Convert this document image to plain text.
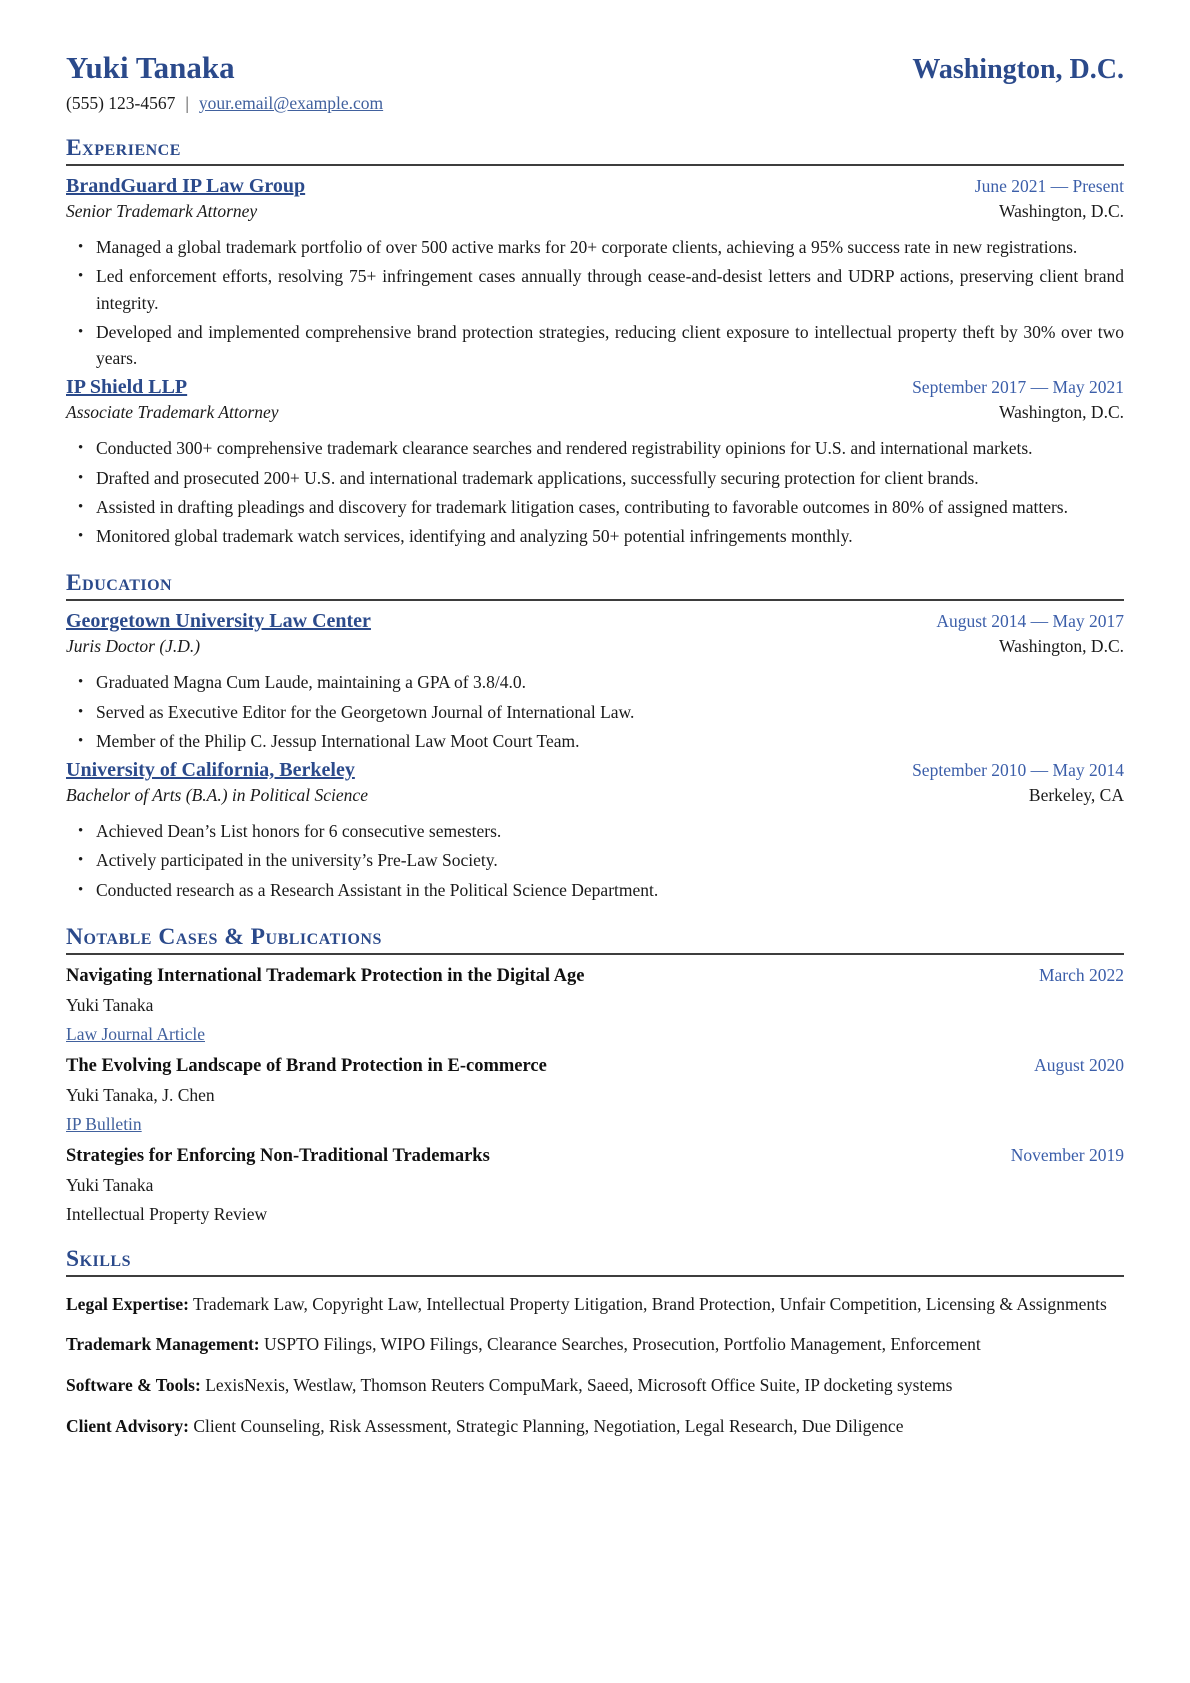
Yuki Tanaka	Washington, D.C.
(555) 123-4567 | your.email@example.com
Experience
BrandGuard IP Law Group	June 2021 — Present
Senior Trademark Attorney	Washington, D.C.
• Managed a global trademark portfolio of over 500 active marks for 20+ corporate clients, achieving a 95% success rate in new registrations.
• Led enforcement efforts, resolving 75+ infringement cases annually through cease-and-desist letters and UDRP actions, preserving client brand integrity.
• Developed and implemented comprehensive brand protection strategies, reducing client exposure to intellectual property theft by 30% over two years.
IP Shield LLP	September 2017 — May 2021
Associate Trademark Attorney	Washington, D.C.
• Conducted 300+ comprehensive trademark clearance searches and rendered registrability opinions for U.S. and international markets.
• Drafted and prosecuted 200+ U.S. and international trademark applications, successfully securing protection for client brands.
• Assisted in drafting pleadings and discovery for trademark litigation cases, contributing to favorable outcomes in 80% of assigned matters.
• Monitored global trademark watch services, identifying and analyzing 50+ potential infringements monthly.
Education
Georgetown University Law Center	August 2014 — May 2017
Juris Doctor (J.D.)	Washington, D.C.
• Graduated Magna Cum Laude, maintaining a GPA of 3.8/4.0.
• Served as Executive Editor for the Georgetown Journal of International Law.
• Member of the Philip C. Jessup International Law Moot Court Team.
University of California, Berkeley	September 2010 — May 2014
Bachelor of Arts (B.A.) in Political Science	Berkeley, CA
• Achieved Dean’s List honors for 6 consecutive semesters.
• Actively participated in the university’s Pre-Law Society.
• Conducted research as a Research Assistant in the Political Science Department.
Notable Cases & Publications
Navigating International Trademark Protection in the Digital Age	March 2022
Yuki Tanaka
Law Journal Article
The Evolving Landscape of Brand Protection in E-commerce	August 2020
Yuki Tanaka, J. Chen
IP Bulletin
Strategies for Enforcing Non-Traditional Trademarks	November 2019
Yuki Tanaka
Intellectual Property Review
Skills
Legal Expertise: Trademark Law, Copyright Law, Intellectual Property Litigation, Brand Protection, Unfair Competition, Licensing & Assignments
Trademark Management: USPTO Filings, WIPO Filings, Clearance Searches, Prosecution, Portfolio Management, Enforcement
Software & Tools: LexisNexis, Westlaw, Thomson Reuters CompuMark, Saeed, Microsoft Office Suite, IP docketing systems
Client Advisory: Client Counseling, Risk Assessment, Strategic Planning, Negotiation, Legal Research, Due Diligence
